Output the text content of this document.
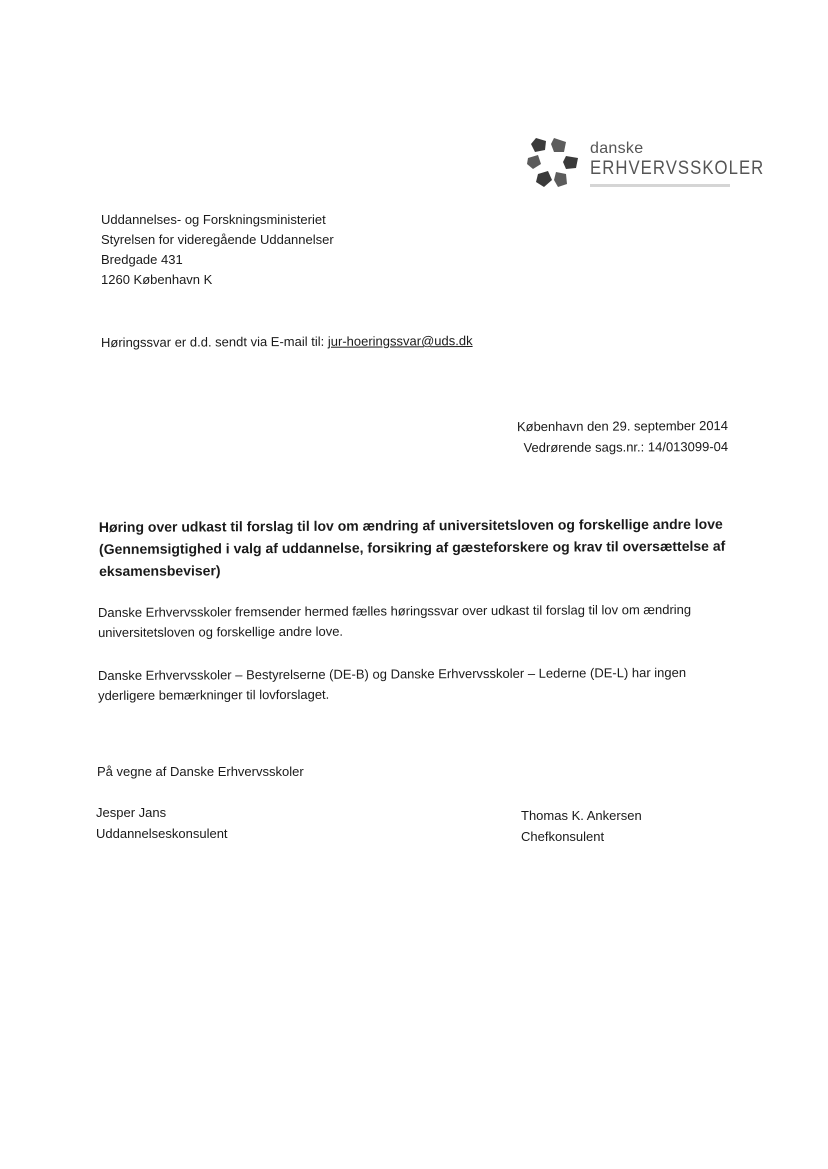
danske
ERHVERVSSKOLER
Uddannelses- og Forskningsministeriet
Styrelsen for videregående Uddannelser
Bredgade 431
1260 København K
Høringssvar er d.d. sendt via E-mail til: jur-hoeringssvar@uds.dk
København den 29. september 2014
Vedrørende sags.nr.: 14/013099-04
Høring over udkast til forslag til lov om ændring af universitetsloven og forskellige andre love (Gennemsigtighed i valg af uddannelse, forsikring af gæsteforskere og krav til oversættelse af eksamensbeviser)
Danske Erhvervsskoler fremsender hermed fælles høringssvar over udkast til forslag til lov om ændring universitetsloven og forskellige andre love.
Danske Erhvervsskoler – Bestyrelserne (DE-B) og Danske Erhvervsskoler – Lederne (DE-L) har ingen yderligere bemærkninger til lovforslaget.
På vegne af Danske Erhvervsskoler
Jesper Jans
Uddannelseskonsulent
Thomas K. Ankersen
Chefkonsulent
